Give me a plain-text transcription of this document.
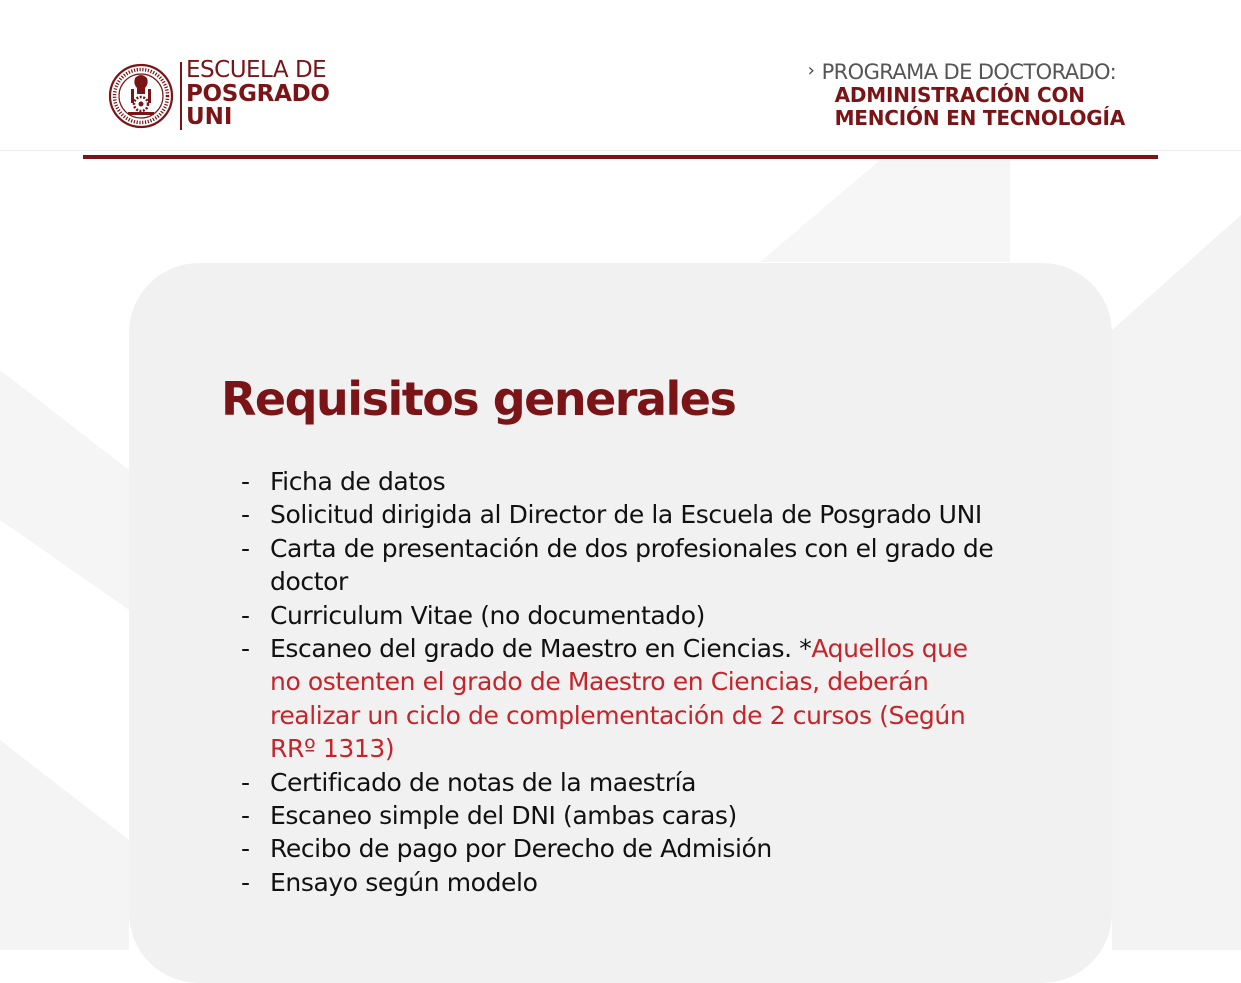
ESCUELA DE
POSGRADO
UNI
› PROGRAMA DE DOCTORADO:
ADMINISTRACIÓN CON
MENCIÓN EN TECNOLOGÍA
Requisitos generales
- Ficha de datos
- Solicitud dirigida al Director de la Escuela de Posgrado UNI
- Carta de presentación de dos profesionales con el grado de doctor
- Curriculum Vitae (no documentado)
- Escaneo del grado de Maestro en Ciencias. *Aquellos que no ostenten el grado de Maestro en Ciencias, deberán realizar un ciclo de complementación de 2 cursos (Según RRº 1313)
- Certificado de notas de la maestría
- Escaneo simple del DNI (ambas caras)
- Recibo de pago por Derecho de Admisión
- Ensayo según modelo
